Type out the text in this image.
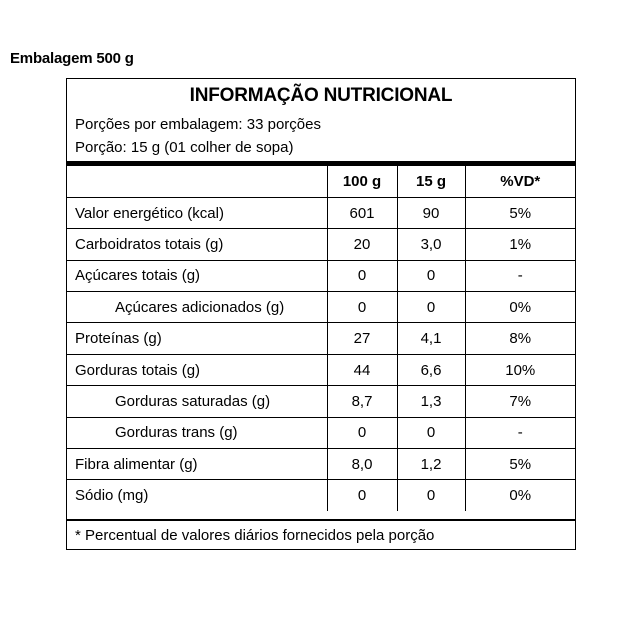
Embalagem 500 g
INFORMAÇÃO NUTRICIONAL
Porções por embalagem: 33 porções
Porção: 15 g (01 colher de sopa)
	100 g	15 g	%VD*
Valor energético (kcal)	601	90	5%
Carboidratos totais (g)	20	3,0	1%
Açúcares totais (g)	0	0	-
Açúcares adicionados (g)	0	0	0%
Proteínas (g)	27	4,1	8%
Gorduras totais (g)	44	6,6	10%
Gorduras saturadas (g)	8,7	1,3	7%
Gorduras trans (g)	0	0	-
Fibra alimentar (g)	8,0	1,2	5%
Sódio (mg)	0	0	0%
* Percentual de valores diários fornecidos pela porção
